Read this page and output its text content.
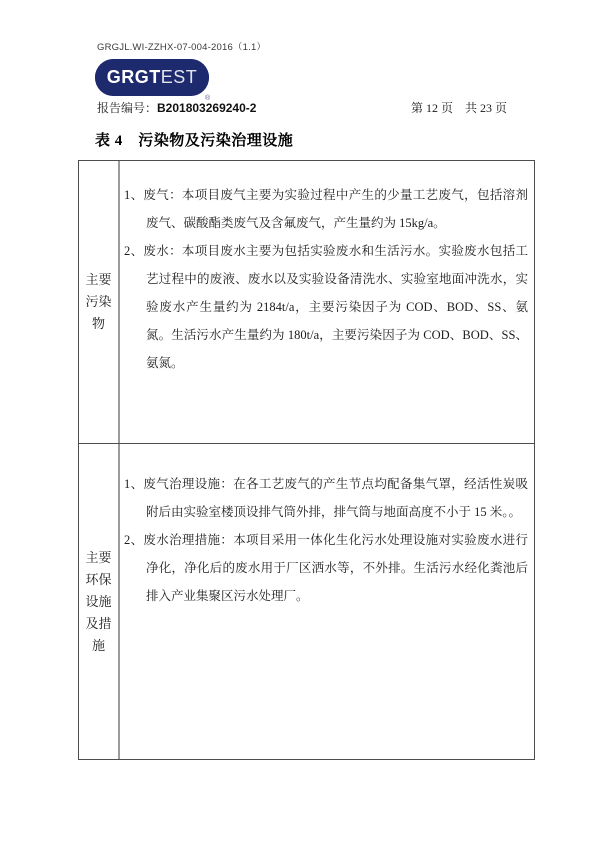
GRGJL.WI-ZZHX-07-004-2016（1.1）
GRGT EST
®
报告编号：B201803269240-2	第 12 页　共 23 页
表 4　污染物及污染治理设施
主要
污染
物

1、废气：本项目废气主要为实验过程中产生的少量工艺废气，包括溶剂废气、碳酸酯类废气及含氟废气，产生量约为 15kg/a。

2、废水：本项目废水主要为包括实验废水和生活污水。实验废水包括工艺过程中的废液、废水以及实验设备清洗水、实验室地面冲洗水，实验废水产生量约为 2184t/a，主要污染因子为 COD、BOD、SS、氨氮。生活污水产生量约为 180t/a，主要污染因子为 COD、BOD、SS、氨氮。

主要
环保
设施
及措
施

1、废气治理设施：在各工艺废气的产生节点均配备集气罩，经活性炭吸附后由实验室楼顶设排气筒外排，排气筒与地面高度不小于 15 米。。

2、废水治理措施：本项目采用一体化生化污水处理设施对实验废水进行净化，净化后的废水用于厂区洒水等，不外排。生活污水经化粪池后排入产业集聚区污水处理厂。
